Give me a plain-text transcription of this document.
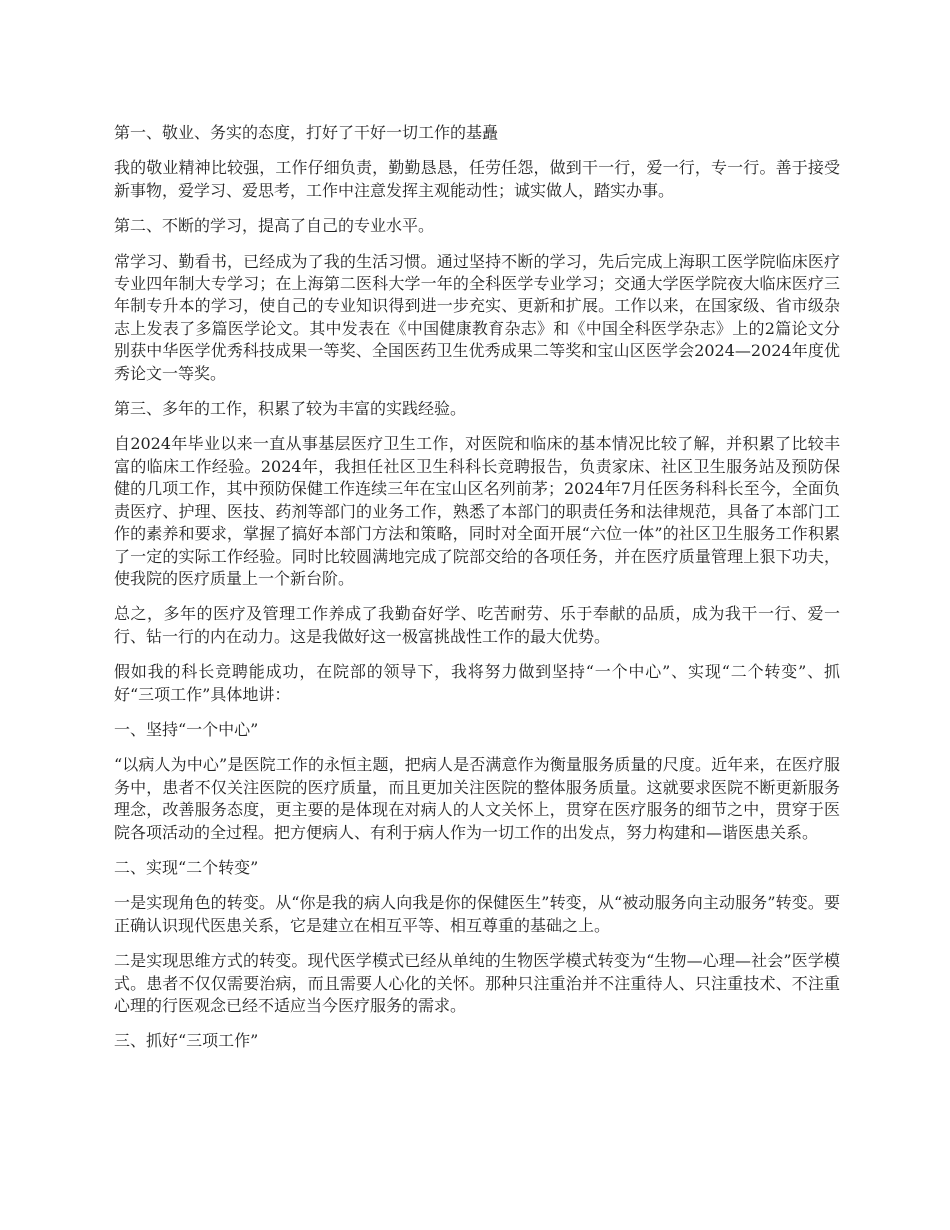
第一、敬业、务实的态度，打好了干好一切工作的基矗

我的敬业精神比较强，工作仔细负责，勤勤恳恳，任劳任怨，做到干一行，爱一行，专一行。善于接受新事物，爱学习、爱思考，工作中注意发挥主观能动性；诚实做人，踏实办事。

第二、不断的学习，提高了自己的专业水平。

常学习、勤看书，已经成为了我的生活习惯。通过坚持不断的学习，先后完成上海职工医学院临床医疗专业四年制大专学习；在上海第二医科大学一年的全科医学专业学习；交通大学医学院夜大临床医疗三年制专升本的学习，使自己的专业知识得到进一步充实、更新和扩展。工作以来，在国家级、省市级杂志上发表了多篇医学论文。其中发表在《中国健康教育杂志》和《中国全科医学杂志》上的2篇论文分别获中华医学优秀科技成果一等奖、全国医药卫生优秀成果二等奖和宝山区医学会2024—2024年度优秀论文一等奖。

第三、多年的工作，积累了较为丰富的实践经验。

自2024年毕业以来一直从事基层医疗卫生工作，对医院和临床的基本情况比较了解，并积累了比较丰富的临床工作经验。2024年，我担任社区卫生科科长竞聘报告，负责家床、社区卫生服务站及预防保健的几项工作，其中预防保健工作连续三年在宝山区名列前茅；2024年7月任医务科科长至今，全面负责医疗、护理、医技、药剂等部门的业务工作，熟悉了本部门的职责任务和法律规范，具备了本部门工作的素养和要求，掌握了搞好本部门方法和策略，同时对全面开展“六位一体”的社区卫生服务工作积累了一定的实际工作经验。同时比较圆满地完成了院部交给的各项任务，并在医疗质量管理上狠下功夫，使我院的医疗质量上一个新台阶。

总之，多年的医疗及管理工作养成了我勤奋好学、吃苦耐劳、乐于奉献的品质，成为我干一行、爱一行、钻一行的内在动力。这是我做好这一极富挑战性工作的最大优势。

假如我的科长竞聘能成功，在院部的领导下，我将努力做到坚持“一个中心”、实现“二个转变”、抓好“三项工作”具体地讲：

一、坚持“一个中心”

“以病人为中心”是医院工作的永恒主题，把病人是否满意作为衡量服务质量的尺度。近年来，在医疗服务中，患者不仅关注医院的医疗质量，而且更加关注医院的整体服务质量。这就要求医院不断更新服务理念，改善服务态度，更主要的是体现在对病人的人文关怀上，贯穿在医疗服务的细节之中，贯穿于医院各项活动的全过程。把方便病人、有利于病人作为一切工作的出发点，努力构建和—谐医患关系。

二、实现“二个转变”

一是实现角色的转变。从“你是我的病人向我是你的保健医生”转变，从“被动服务向主动服务”转变。要正确认识现代医患关系，它是建立在相互平等、相互尊重的基础之上。

二是实现思维方式的转变。现代医学模式已经从单纯的生物医学模式转变为“生物—心理—社会”医学模式。患者不仅仅需要治病，而且需要人心化的关怀。那种只注重治并不注重待人、只注重技术、不注重心理的行医观念已经不适应当今医疗服务的需求。

三、抓好“三项工作”
